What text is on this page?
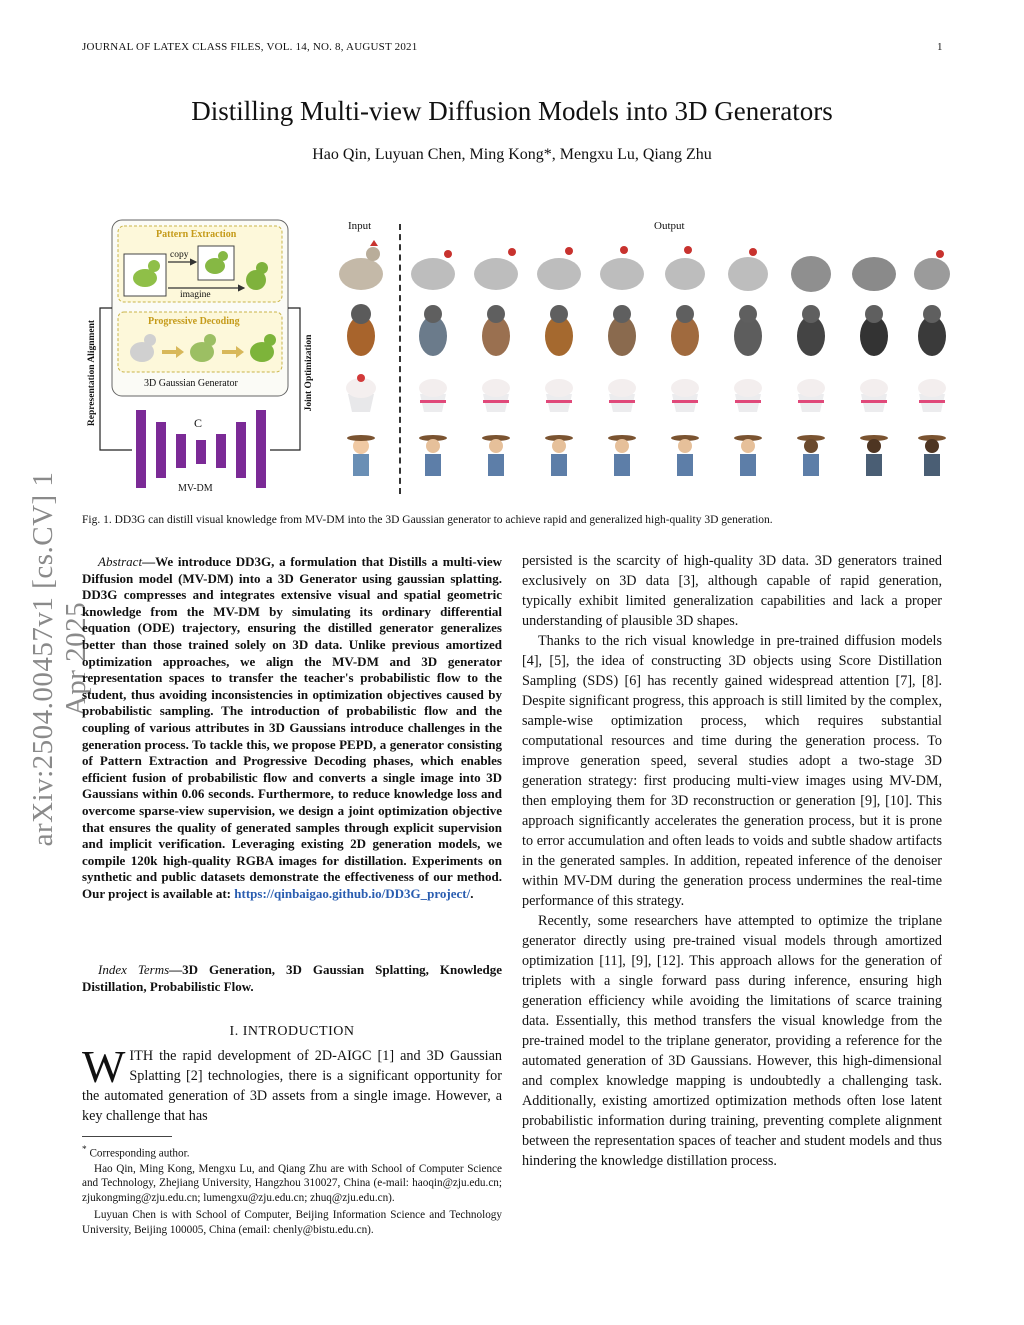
JOURNAL OF LATEX CLASS FILES, VOL. 14, NO. 8, AUGUST 2021	1
Distilling Multi-view Diffusion Models into 3D Generators
Hao Qin, Luyuan Chen, Ming Kong*, Mengxu Lu, Qiang Zhu
arXiv:2504.00457v1 [cs.CV] 1 Apr 2025
Pattern Extraction
copy
imagine
Progressive Decoding
3D Gaussian Generator
C
MV-DM
Representation Alignment	Joint Optimization
Input	Output
Fig. 1. DD3G can distill visual knowledge from MV-DM into the 3D Gaussian generator to achieve rapid and generalized high-quality 3D generation.
Abstract—We introduce DD3G, a formulation that Distills a multi-view Diffusion model (MV-DM) into a 3D Generator using gaussian splatting. DD3G compresses and integrates extensive visual and spatial geometric knowledge from the MV-DM by simulating its ordinary differential equation (ODE) trajectory, ensuring the distilled generator generalizes better than those trained solely on 3D data. Unlike previous amortized optimization approaches, we align the MV-DM and 3D generator representation spaces to transfer the teacher's probabilistic flow to the student, thus avoiding inconsistencies in optimization objectives caused by probabilistic sampling. The introduction of probabilistic flow and the coupling of various attributes in 3D Gaussians introduce challenges in the generation process. To tackle this, we propose PEPD, a generator consisting of Pattern Extraction and Progressive Decoding phases, which enables efficient fusion of probabilistic flow and converts a single image into 3D Gaussians within 0.06 seconds. Furthermore, to reduce knowledge loss and overcome sparse-view supervision, we design a joint optimization objective that ensures the quality of generated samples through explicit supervision and implicit verification. Leveraging existing 2D generation models, we compile 120k high-quality RGBA images for distillation. Experiments on synthetic and public datasets demonstrate the effectiveness of our method. Our project is available at: https://qinbaigao.github.io/DD3G_project/.
Index Terms—3D Generation, 3D Gaussian Splatting, Knowledge Distillation, Probabilistic Flow.
I. INTRODUCTION
WITH the rapid development of 2D-AIGC [1] and 3D Gaussian Splatting [2] technologies, there is a significant opportunity for the automated generation of 3D assets from a single image. However, a key challenge that has
* Corresponding author.
Hao Qin, Ming Kong, Mengxu Lu, and Qiang Zhu are with School of Computer Science and Technology, Zhejiang University, Hangzhou 310027, China (e-mail: haoqin@zju.edu.cn; zjukongming@zju.edu.cn; lumengxu@zju.edu.cn; zhuq@zju.edu.cn).
Luyuan Chen is with School of Computer, Beijing Information Science and Technology University, Beijing 100005, China (email: chenly@bistu.edu.cn).
persisted is the scarcity of high-quality 3D data. 3D generators trained exclusively on 3D data [3], although capable of rapid generation, typically exhibit limited generalization capabilities and lack a proper understanding of plausible 3D shapes.
Thanks to the rich visual knowledge in pre-trained diffusion models [4], [5], the idea of constructing 3D objects using Score Distillation Sampling (SDS) [6] has recently gained widespread attention [7], [8]. Despite significant progress, this approach is still limited by the complex, sample-wise optimization process, which requires substantial computational resources and time during the generation process. To improve generation speed, several studies adopt a two-stage 3D generation strategy: first producing multi-view images using MV-DM, then employing them for 3D reconstruction or generation [9], [10]. This approach significantly accelerates the generation process, but it is prone to error accumulation and often leads to voids and subtle shadow artifacts in the generated samples. In addition, repeated inference of the denoiser within MV-DM during the generation process undermines the real-time performance of this strategy.
Recently, some researchers have attempted to optimize the triplane generator directly using pre-trained visual models through amortized optimization [11], [9], [12]. This approach allows for the generation of triplets with a single forward pass during inference, ensuring high generation efficiency while avoiding the limitations of scarce training data. Essentially, this method transfers the visual knowledge from the pre-trained model to the triplane generator, providing a reference for the automated generation of 3D Gaussians. However, this high-dimensional and complex knowledge mapping is undoubtedly a challenging task. Additionally, existing amortized optimization methods often lose latent probabilistic information during training, preventing complete alignment between the representation spaces of teacher and student models and thus hindering the knowledge distillation process.
